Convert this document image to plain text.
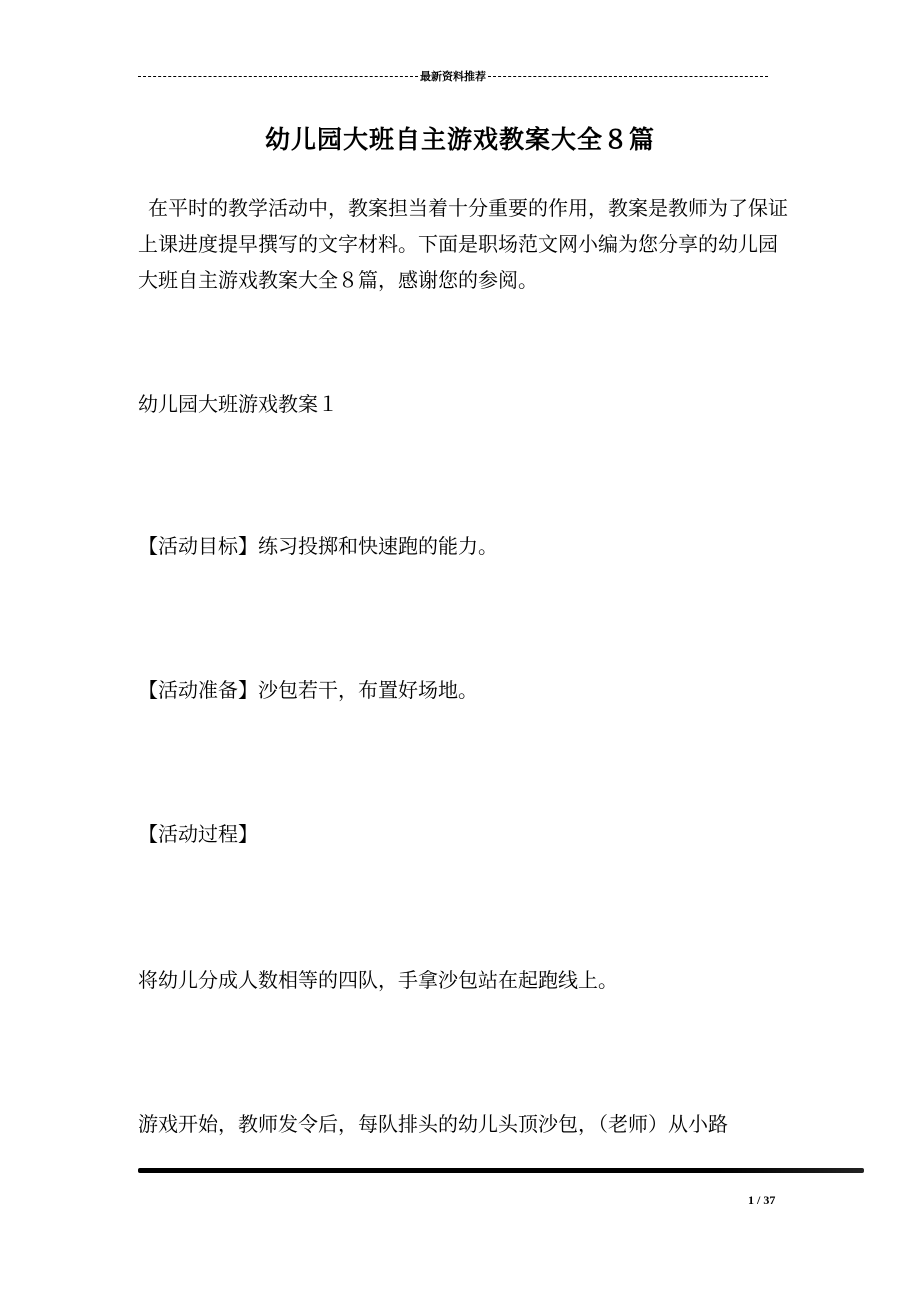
最新资料推荐
幼儿园大班自主游戏教案大全８篇
在平时的教学活动中，教案担当着十分重要的作用，教案是教师为了保证上课进度提早撰写的文字材料。下面是职场范文网小编为您分享的幼儿园大班自主游戏教案大全８篇，感谢您的参阅。
幼儿园大班游戏教案１
【活动目标】练习投掷和快速跑的能力。
【活动准备】沙包若干，布置好场地。
【活动过程】
将幼儿分成人数相等的四队，手拿沙包站在起跑线上。
游戏开始，教师发令后，每队排头的幼儿头顶沙包，（老师）从小路
1 / 37
